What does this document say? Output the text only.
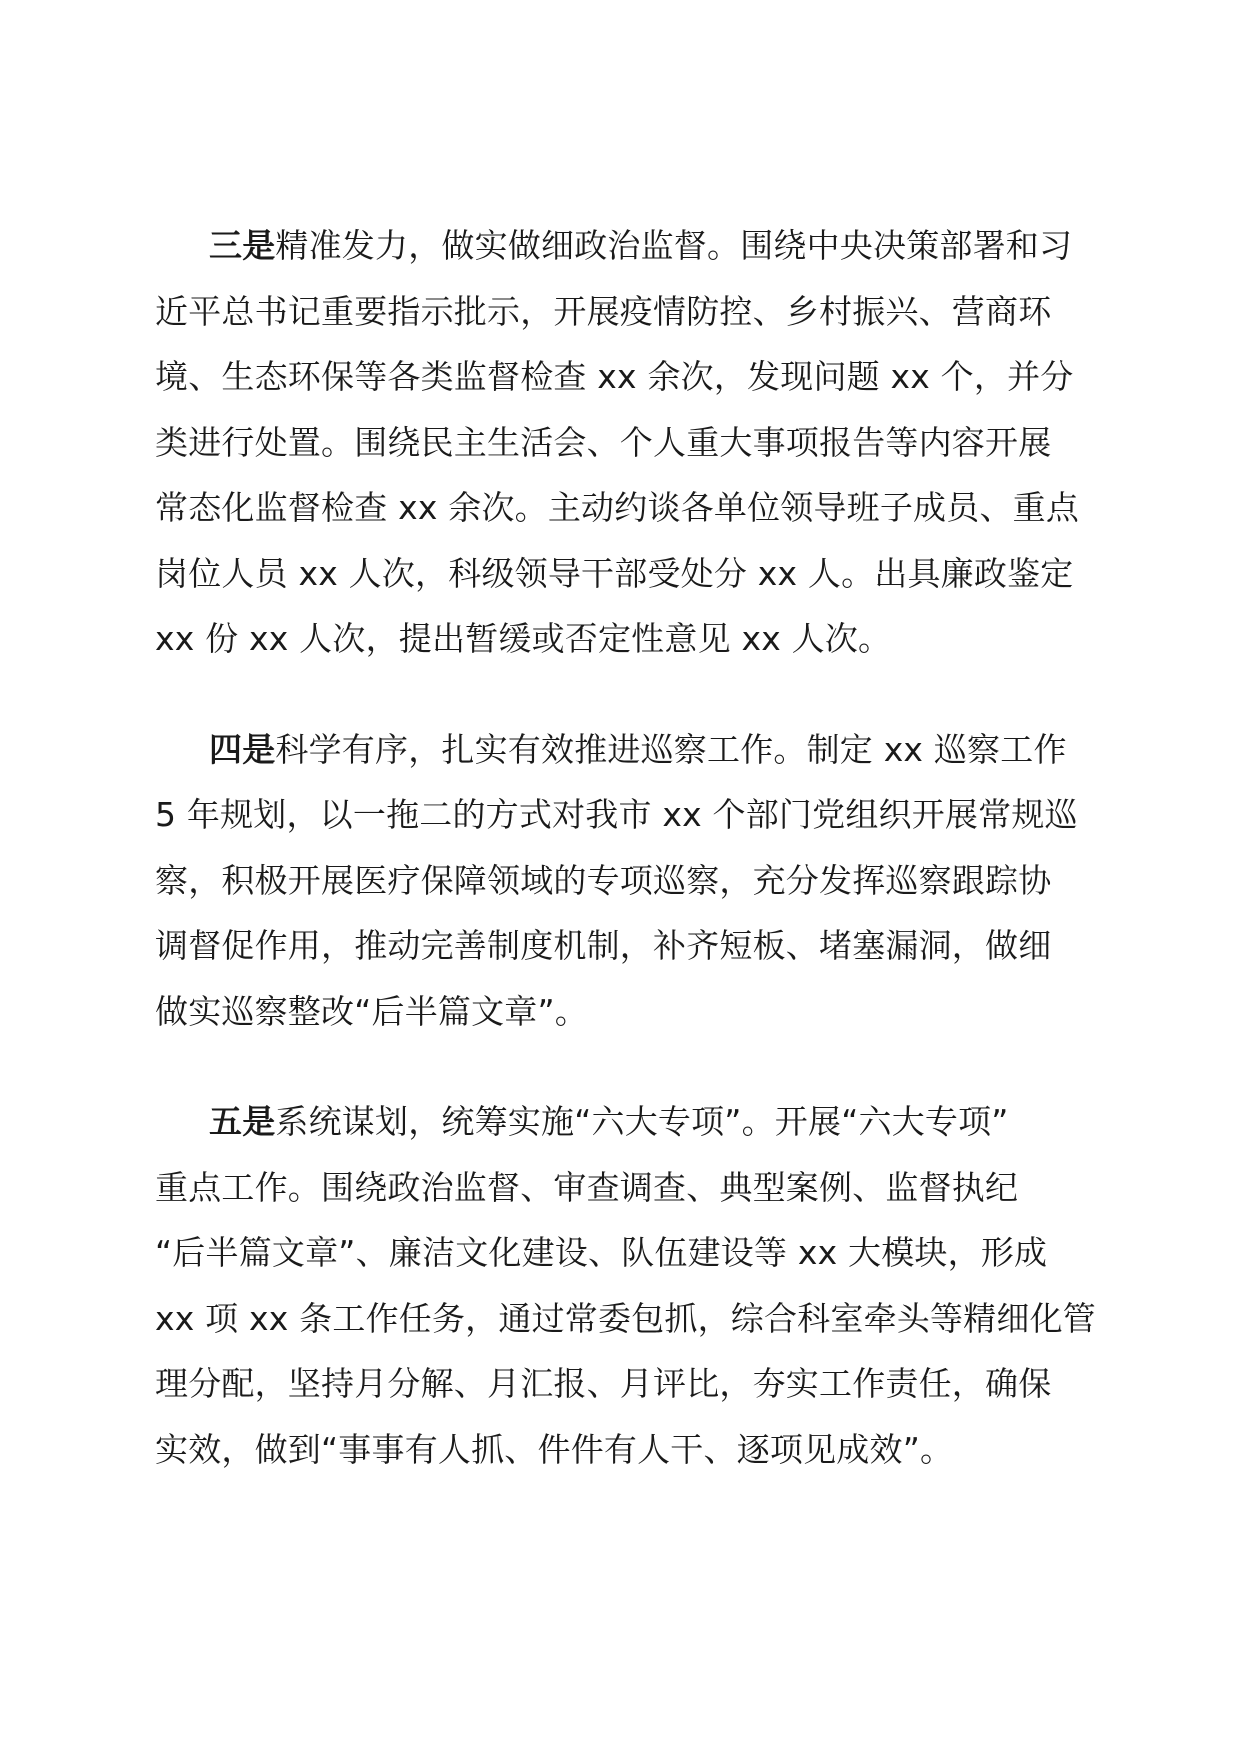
三是精准发力，做实做细政治监督。围绕中央决策部署和习
近平总书记重要指示批示，开展疫情防控、乡村振兴、营商环
境、生态环保等各类监督检查 xx 余次，发现问题 xx 个，并分
类进行处置。围绕民主生活会、个人重大事项报告等内容开展
常态化监督检查 xx 余次。主动约谈各单位领导班子成员、重点
岗位人员 xx 人次，科级领导干部受处分 xx 人。出具廉政鉴定
xx 份 xx 人次，提出暂缓或否定性意见 xx 人次。
四是科学有序，扎实有效推进巡察工作。制定 xx 巡察工作
5 年规划，以一拖二的方式对我市 xx 个部门党组织开展常规巡
察，积极开展医疗保障领域的专项巡察，充分发挥巡察跟踪协
调督促作用，推动完善制度机制，补齐短板、堵塞漏洞，做细
做实巡察整改“后半篇文章”。
五是系统谋划，统筹实施“六大专项”。开展“六大专项”
重点工作。围绕政治监督、审查调查、典型案例、监督执纪
“后半篇文章”、廉洁文化建设、队伍建设等 xx 大模块，形成
xx 项 xx 条工作任务，通过常委包抓，综合科室牵头等精细化管
理分配，坚持月分解、月汇报、月评比，夯实工作责任，确保
实效，做到“事事有人抓、件件有人干、逐项见成效”。
